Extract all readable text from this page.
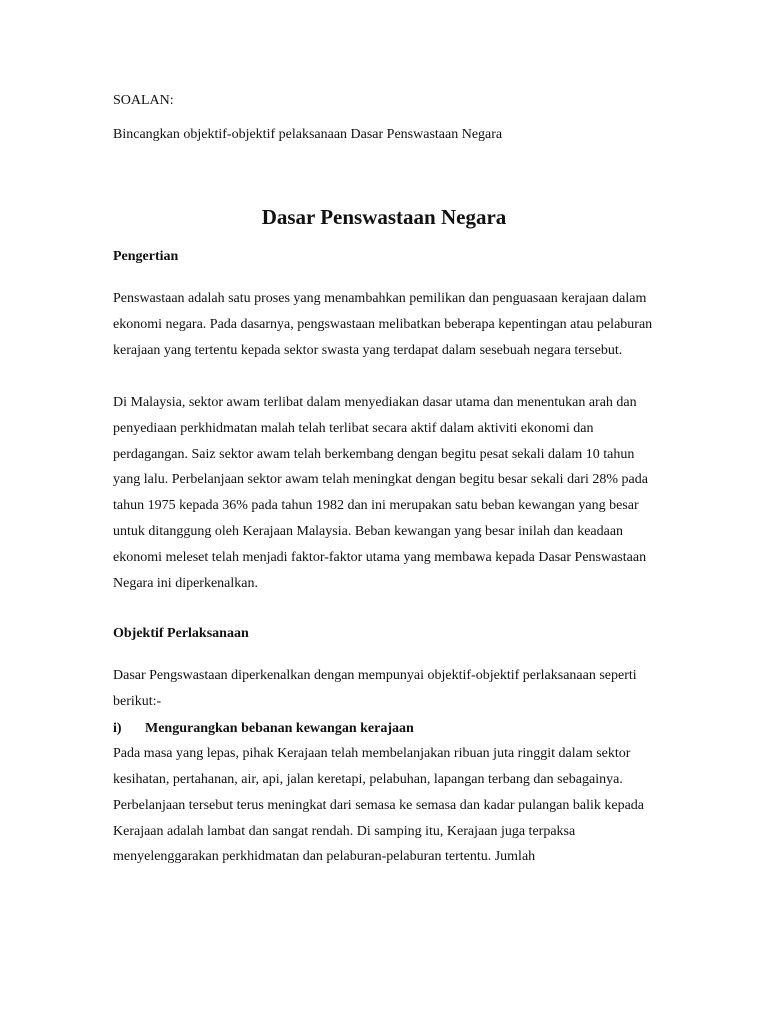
SOALAN:

Bincangkan objektif-objektif pelaksanaan Dasar Penswastaan Negara

Dasar Penswastaan Negara

Pengertian

Penswastaan adalah satu proses yang menambahkan pemilikan dan penguasaan kerajaan dalam ekonomi negara. Pada dasarnya, pengswastaan melibatkan beberapa kepentingan atau pelaburan kerajaan yang tertentu kepada sektor swasta yang terdapat dalam sesebuah negara tersebut.

Di Malaysia, sektor awam terlibat dalam menyediakan dasar utama dan menentukan arah dan penyediaan perkhidmatan malah telah terlibat secara aktif dalam aktiviti ekonomi dan perdagangan. Saiz sektor awam telah berkembang dengan begitu pesat sekali dalam 10 tahun yang lalu. Perbelanjaan sektor awam telah meningkat dengan begitu besar sekali dari 28% pada tahun 1975 kepada 36% pada tahun 1982 dan ini merupakan satu beban kewangan yang besar untuk ditanggung oleh Kerajaan Malaysia. Beban kewangan yang besar inilah dan keadaan ekonomi meleset telah menjadi faktor-faktor utama yang membawa kepada Dasar Penswastaan Negara ini diperkenalkan.

Objektif Perlaksanaan

Dasar Pengswastaan diperkenalkan dengan mempunyai objektif-objektif perlaksanaan seperti berikut:-

i)	Mengurangkan bebanan kewangan kerajaan

Pada masa yang lepas, pihak Kerajaan telah membelanjakan ribuan juta ringgit dalam sektor kesihatan, pertahanan, air, api, jalan keretapi, pelabuhan, lapangan terbang dan sebagainya. Perbelanjaan tersebut terus meningkat dari semasa ke semasa dan kadar pulangan balik kepada Kerajaan adalah lambat dan sangat rendah. Di samping itu, Kerajaan juga terpaksa menyelenggarakan perkhidmatan dan pelaburan-pelaburan tertentu. Jumlah
